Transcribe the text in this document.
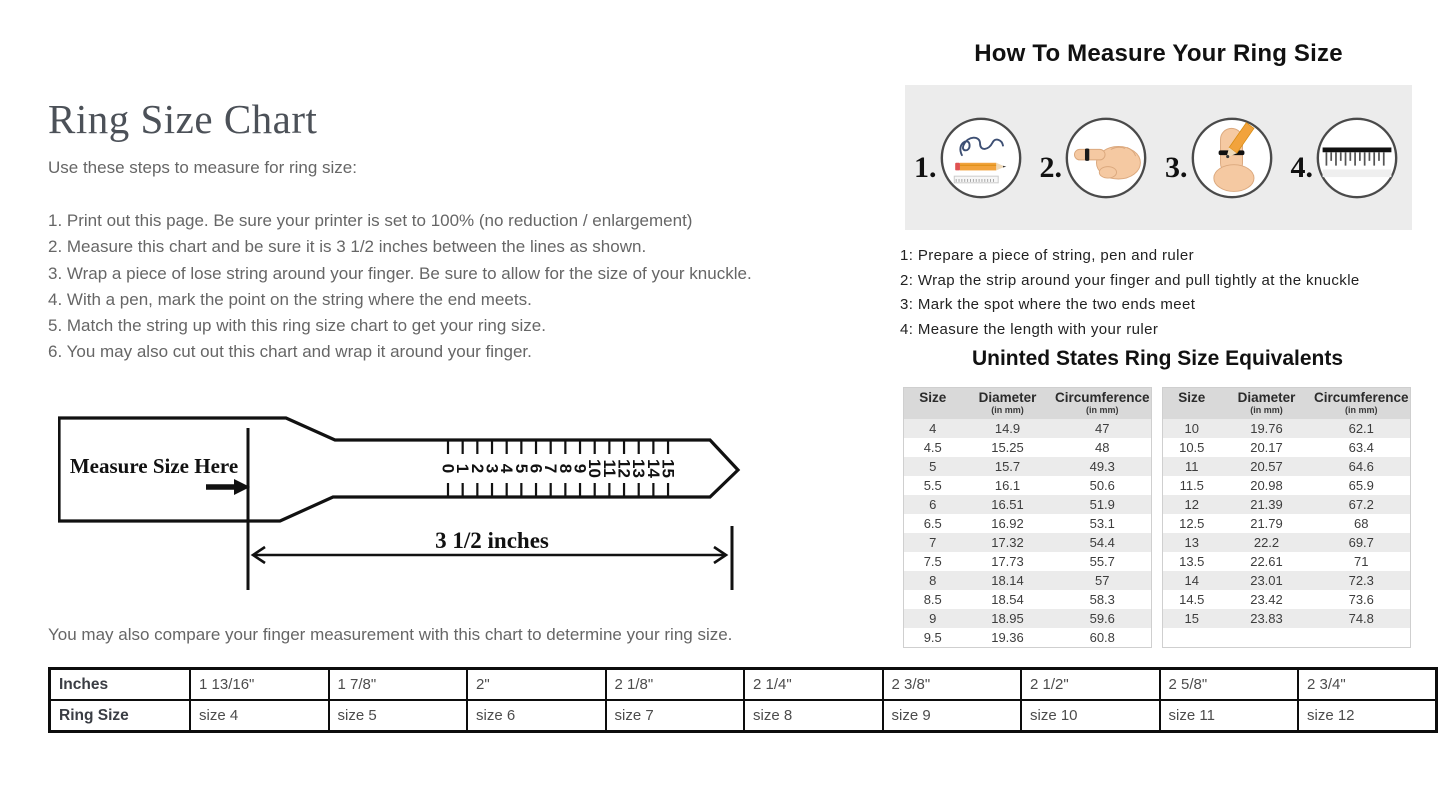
Ring Size Chart

Use these steps to measure for ring size:

1. Print out this page. Be sure your printer is set to 100% (no reduction / enlargement)
2. Measure this chart and be sure it is 3 1/2 inches between the lines as shown.
3. Wrap a piece of lose string around your finger. Be sure to allow for the size of your knuckle.
4. With a pen, mark the point on the string where the end meets.
5. Match the string up with this ring size chart to get your ring size.
6. You may also cut out this chart and wrap it around your finger.
Measure Size Here	0
1
2
3
4
5
6
7
8
9
10
11
12
13
14
15
3 1/2 inches

You may also compare your finger measurement with this chart to determine your ring size.

How To Measure Your Ring Size
1.	2.	3.	4.
1: Prepare a piece of string, pen and ruler
2: Wrap the strip around your finger and pull tightly at the knuckle
3: Mark the spot where the two ends meet
4: Measure the length with your ruler
Uninted States Ring Size Equivalents
Size	Diameter
(in mm)

Circumference
(in mm)

4	14.9	47
4.5	15.25	48
5	15.7	49.3
5.5	16.1	50.6
6	16.51	51.9
6.5	16.92	53.1
7	17.32	54.4
7.5	17.73	55.7
8	18.14	57
8.5	18.54	58.3
9	18.95	59.6
9.5	19.36	60.8
Size	Diameter
(in mm)

Circumference
(in mm)

10	19.76	62.1
10.5	20.17	63.4
11	20.57	64.6
11.5	20.98	65.9
12	21.39	67.2
12.5	21.79	68
13	22.2	69.7
13.5	22.61	71
14	23.01	72.3
14.5	23.42	73.6
15	23.83	74.8

Inches	1 13/16"	1 7/8"	2"	2 1/8"	2 1/4"	2 3/8"	2 1/2"	2 5/8"	2 3/4"
Ring Size	size 4	size 5	size 6	size 7	size 8	size 9	size 10	size 11	size 12
